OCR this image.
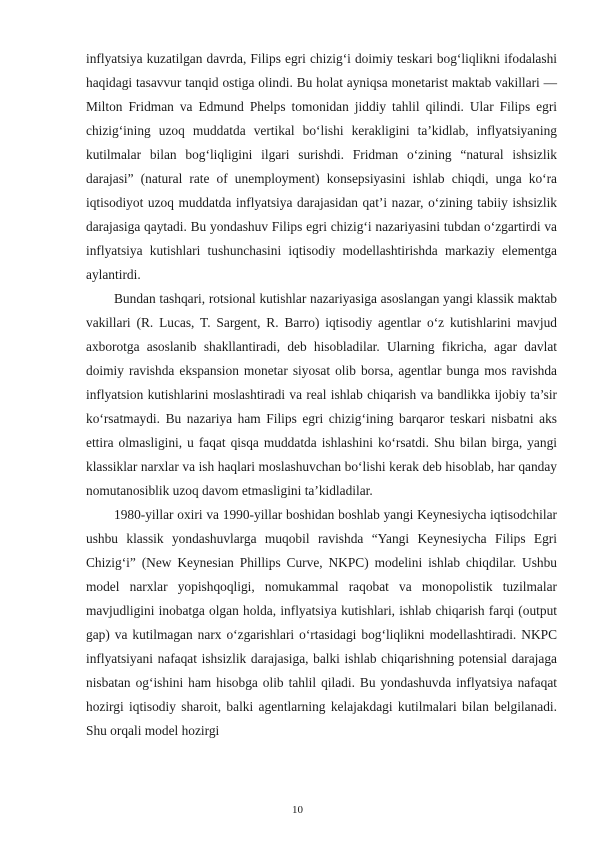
inflyatsiya kuzatilgan davrda, Filips egri chizig‘i doimiy teskari bog‘liqlikni ifodalashi haqidagi tasavvur tanqid ostiga olindi. Bu holat ayniqsa monetarist maktab vakillari — Milton Fridman va Edmund Phelps tomonidan jiddiy tahlil qilindi. Ular Filips egri chizig‘ining uzoq muddatda vertikal bo‘lishi kerakligini ta’kidlab, inflyatsiyaning kutilmalar bilan bog‘liqligini ilgari surishdi. Fridman o‘zining “natural ishsizlik darajasi” (natural rate of unemployment) konsepsiyasini ishlab chiqdi, unga ko‘ra iqtisodiyot uzoq muddatda inflyatsiya darajasidan qat’i nazar, o‘zining tabiiy ishsizlik darajasiga qaytadi. Bu yondashuv Filips egri chizig‘i nazariyasini tubdan o‘zgartirdi va inflyatsiya kutishlari tushunchasini iqtisodiy modellashtirishda markaziy elementga aylantirdi.

Bundan tashqari, rotsional kutishlar nazariyasiga asoslangan yangi klassik maktab vakillari (R. Lucas, T. Sargent, R. Barro) iqtisodiy agentlar o‘z kutishlarini mavjud axborotga asoslanib shakllantiradi, deb hisobladilar. Ularning fikricha, agar davlat doimiy ravishda ekspansion monetar siyosat olib borsa, agentlar bunga mos ravishda inflyatsion kutishlarini moslashtiradi va real ishlab chiqarish va bandlikka ijobiy ta’sir ko‘rsatmaydi. Bu nazariya ham Filips egri chizig‘ining barqaror teskari nisbatni aks ettira olmasligini, u faqat qisqa muddatda ishlashini ko‘rsatdi. Shu bilan birga, yangi klassiklar narxlar va ish haqlari moslashuvchan bo‘lishi kerak deb hisoblab, har qanday nomutanosiblik uzoq davom etmasligini ta’kidladilar.

1980-yillar oxiri va 1990-yillar boshidan boshlab yangi Keynesiycha iqtisodchilar ushbu klassik yondashuvlarga muqobil ravishda “Yangi Keynesiycha Filips Egri Chizig‘i” (New Keynesian Phillips Curve, NKPC) modelini ishlab chiqdilar. Ushbu model narxlar yopishqoqligi, nomukammal raqobat va monopolistik tuzilmalar mavjudligini inobatga olgan holda, inflyatsiya kutishlari, ishlab chiqarish farqi (output gap) va kutilmagan narx o‘zgarishlari o‘rtasidagi bog‘liqlikni modellashtiradi. NKPC inflyatsiyani nafaqat ishsizlik darajasiga, balki ishlab chiqarishning potensial darajaga nisbatan og‘ishini ham hisobga olib tahlil qiladi. Bu yondashuvda inflyatsiya nafaqat hozirgi iqtisodiy sharoit, balki agentlarning kelajakdagi kutilmalari bilan belgilanadi. Shu orqali model hozirgi

10
